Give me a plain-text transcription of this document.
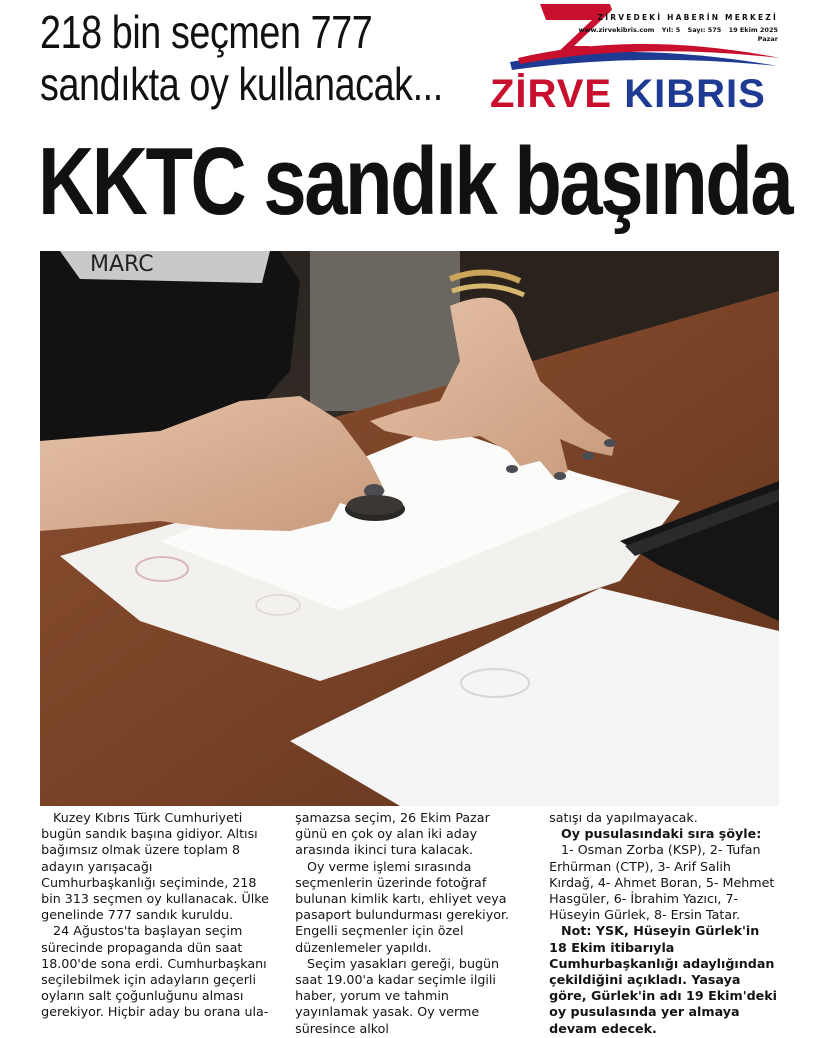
218 bin seçmen 777
sandıkta oy kullanacak...
ZİRVEDEKİ HABERİN MERKEZİ
www.zirvekibris.com Yıl: 5 Sayı: 575 19 Ekim 2025
Pazar
ZİRVE KIBRIS
KKTC sandık başında
MARC

Kuzey Kıbrıs Türk Cumhuriyeti bugün sandık başına gidiyor. Altısı bağımsız olmak üzere toplam 8 adayın yarışacağı Cumhurbaşkanlığı seçiminde, 218 bin 313 seçmen oy kullanacak. Ülke genelinde 777 sandık kuruldu.

24 Ağustos'ta başlayan seçim sürecinde propaganda dün saat 18.00'de sona erdi. Cumhurbaşkanı seçilebilmek için adayların geçerli oyların salt çoğunluğunu alması gerekiyor. Hiçbir aday bu orana ula-

şamazsa seçim, 26 Ekim Pazar günü en çok oy alan iki aday arasında ikinci tura kalacak.

Oy verme işlemi sırasında seçmenlerin üzerinde fotoğraf bulunan kimlik kartı, ehliyet veya pasaport bulundurması gerekiyor. Engelli seçmenler için özel düzenlemeler yapıldı.

Seçim yasakları gereği, bugün saat 19.00'a kadar seçimle ilgili haber, yorum ve tahmin yayınlamak yasak. Oy verme süresince alkol

satışı da yapılmayacak.

Oy pusulasındaki sıra şöyle:

1- Osman Zorba (KSP), 2- Tufan Erhürman (CTP), 3- Arif Salih Kırdağ, 4- Ahmet Boran, 5- Mehmet Hasgüler, 6- İbrahim Yazıcı, 7- Hüseyin Gürlek, 8- Ersin Tatar.

Not: YSK, Hüseyin Gürlek'in 18 Ekim itibarıyla Cumhurbaşkanlığı adaylığından çekildiğini açıkladı. Yasaya göre, Gürlek'in adı 19 Ekim'deki oy pusulasında yer almaya devam edecek.
